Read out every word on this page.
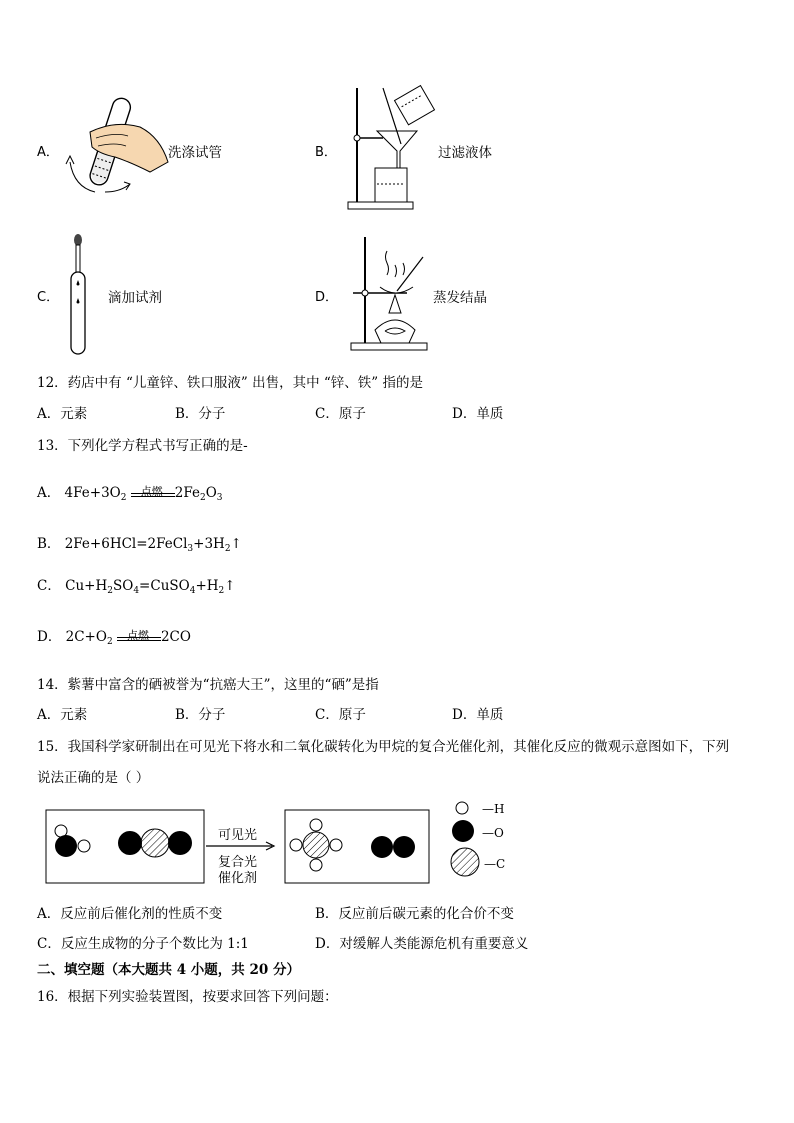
A．	洗涤试管	B．	过滤液体
C．	滴加试剂	D．	蒸发结晶
12．药店中有 “儿童锌、铁口服液” 出售，其中 “锌、铁” 指的是
A．元素	B．分子	C．原子	D．单质
13．下列化学方程式书写正确的是-
A． $4Fe+3O_2$ 点燃 $2Fe_2O_3$
B． $2Fe+6HCl=2FeCl_3+3H_2↑$
C． $Cu+H_2SO_4=CuSO_4+H_2↑$
D． $2C+O_2$ 点燃 2CO
14．紫薯中富含的硒被誉为“抗癌大王”，这里的“硒”是指
A．元素	B．分子	C．原子	D．单质
15．我国科学家研制出在可见光下将水和二氧化碳转化为甲烷的复合光催化剂，其催化反应的微观示意图如下，下列
说法正确的是（ ）
可见光
复合光
催化剂
—H
—O
—C
A．反应前后催化剂的性质不变	B．反应前后碳元素的化合价不变
C．反应生成物的分子个数比为 1:1	D．对缓解人类能源危机有重要意义
二、填空题（本大题共 4 小题，共 20 分）
16．根据下列实验装置图，按要求回答下列问题：
